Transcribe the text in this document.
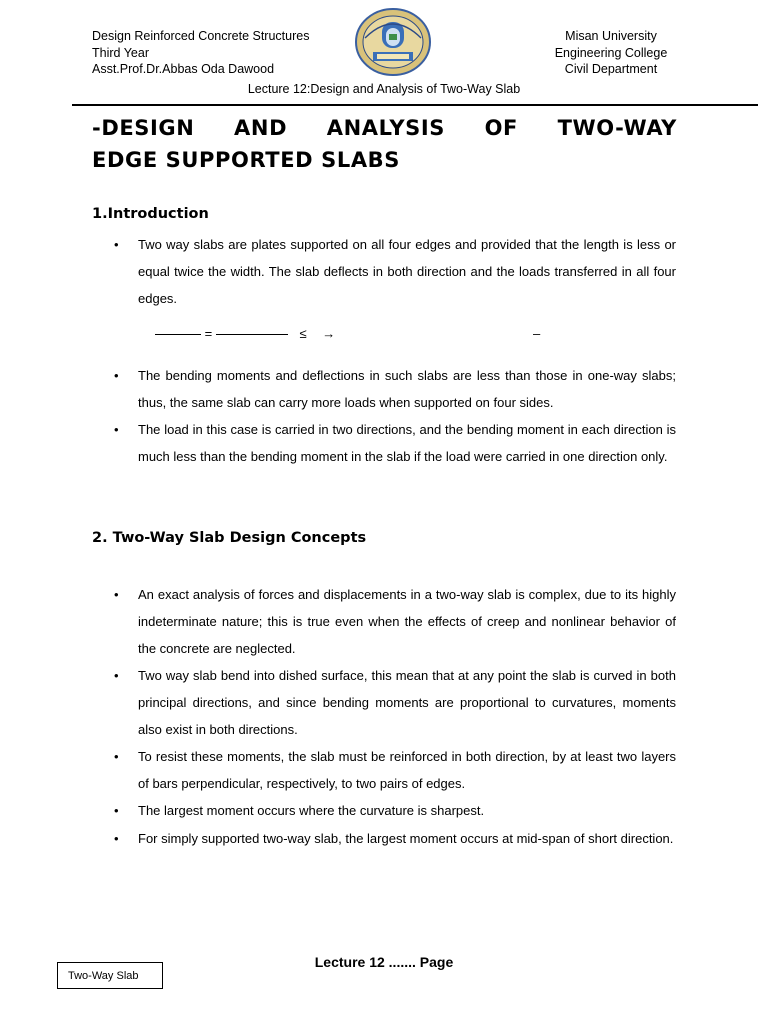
Design Reinforced Concrete Structures
Third Year
Asst.Prof.Dr.Abbas Oda Dawood
Misan University
Engineering College
Civil Department
Lecture 12:Design and Analysis of Two-Way Slab
-DESIGN AND ANALYSIS OF TWO-WAY
EDGE SUPPORTED SLABS
1.Introduction
• Two way slabs are plates supported on all four edges and provided that the length is less or equal twice the width. The slab deflects in both direction and the loads transferred in all four edges.
=	≤ →	–
• The bending moments and deflections in such slabs are less than those in one-way slabs; thus, the same slab can carry more loads when supported on four sides.
• The load in this case is carried in two directions, and the bending moment in each direction is much less than the bending moment in the slab if the load were carried in one direction only.
2. Two-Way Slab Design Concepts
• An exact analysis of forces and displacements in a two-way slab is complex, due to its highly indeterminate nature; this is true even when the effects of creep and nonlinear behavior of the concrete are neglected.
• Two way slab bend into dished surface, this mean that at any point the slab is curved in both principal directions, and since bending moments are proportional to curvatures, moments also exist in both directions.
• To resist these moments, the slab must be reinforced in both direction, by at least two layers of bars perpendicular, respectively, to two pairs of edges.
• The largest moment occurs where the curvature is sharpest.
• For simply supported two-way slab, the largest moment occurs at mid-span of short direction.
Lecture 12 ....... Page
Two-Way Slab
